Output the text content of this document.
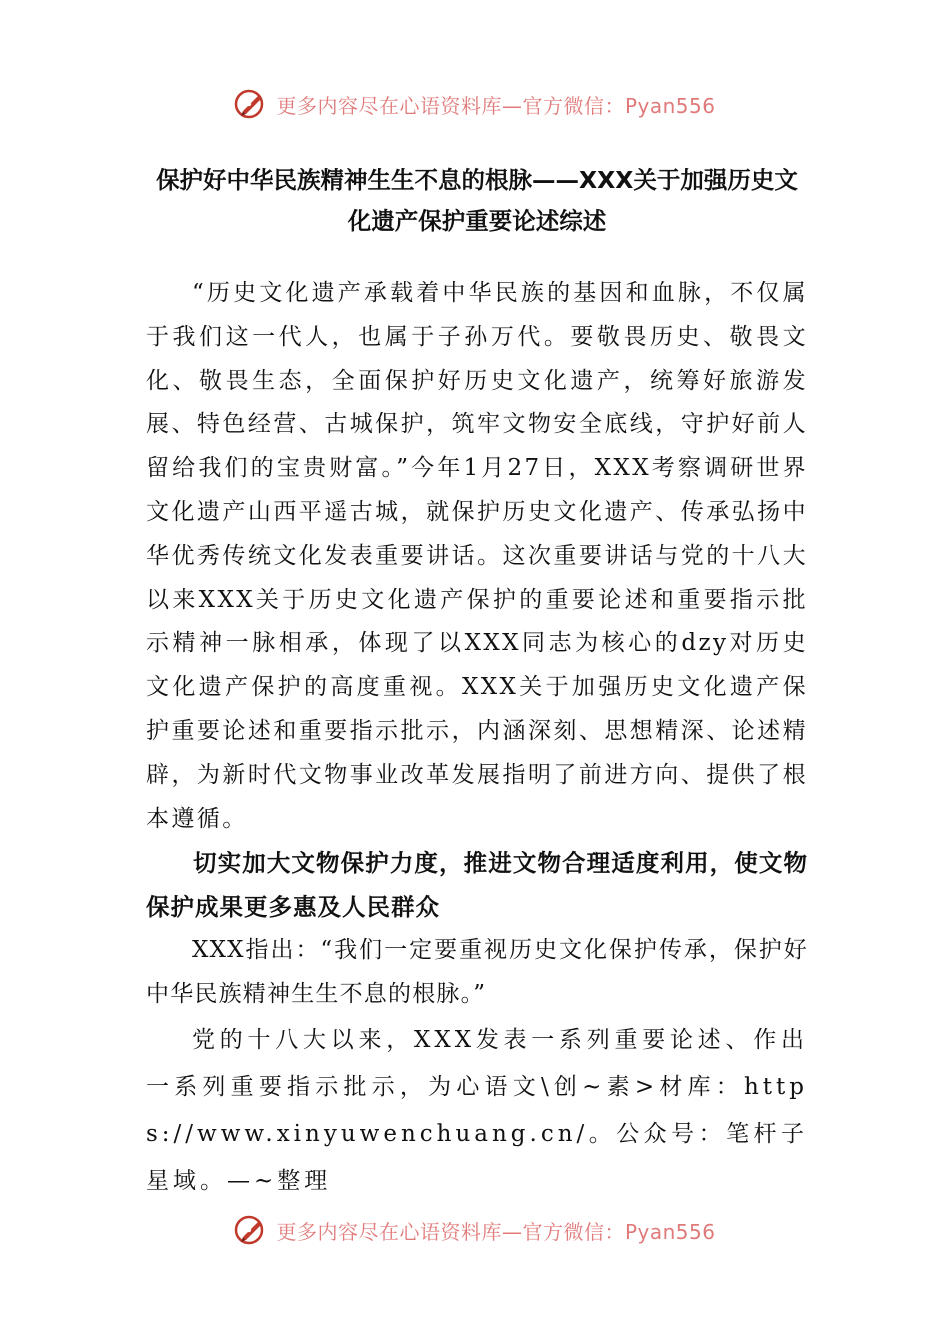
更多内容尽在心语资料库—官方微信：Pyan556
保护好中华民族精神生生不息的根脉——XXX关于加强历史文化遗产保护重要论述综述

“历史文化遗产承载着中华民族的基因和血脉，不仅属于我们这一代人，也属于子孙万代。要敬畏历史、敬畏文化、敬畏生态，全面保护好历史文化遗产，统筹好旅游发展、特色经营、古城保护，筑牢文物安全底线，守护好前人留给我们的宝贵财富。”今年1月27日，XXX考察调研世界文化遗产山西平遥古城，就保护历史文化遗产、传承弘扬中华优秀传统文化发表重要讲话。这次重要讲话与党的十八大以来XXX关于历史文化遗产保护的重要论述和重要指示批示精神一脉相承，体现了以XXX同志为核心的dzy对历史文化遗产保护的高度重视。XXX关于加强历史文化遗产保护重要论述和重要指示批示，内涵深刻、思想精深、论述精辟，为新时代文物事业改革发展指明了前进方向、提供了根本遵循。

切实加大文物保护力度，推进文物合理适度利用，使文物保护成果更多惠及人民群众

XXX指出：“我们一定要重视历史文化保护传承，保护好中华民族精神生生不息的根脉。”

党的十八大以来，XXX发表一系列重要论述、作出一系列重要指示批示，为心语文\创~素>材库：https://www.xinyuwenchuang.cn/。公众号：笔杆子星域。—~整理

更多内容尽在心语资料库—官方微信：Pyan556
